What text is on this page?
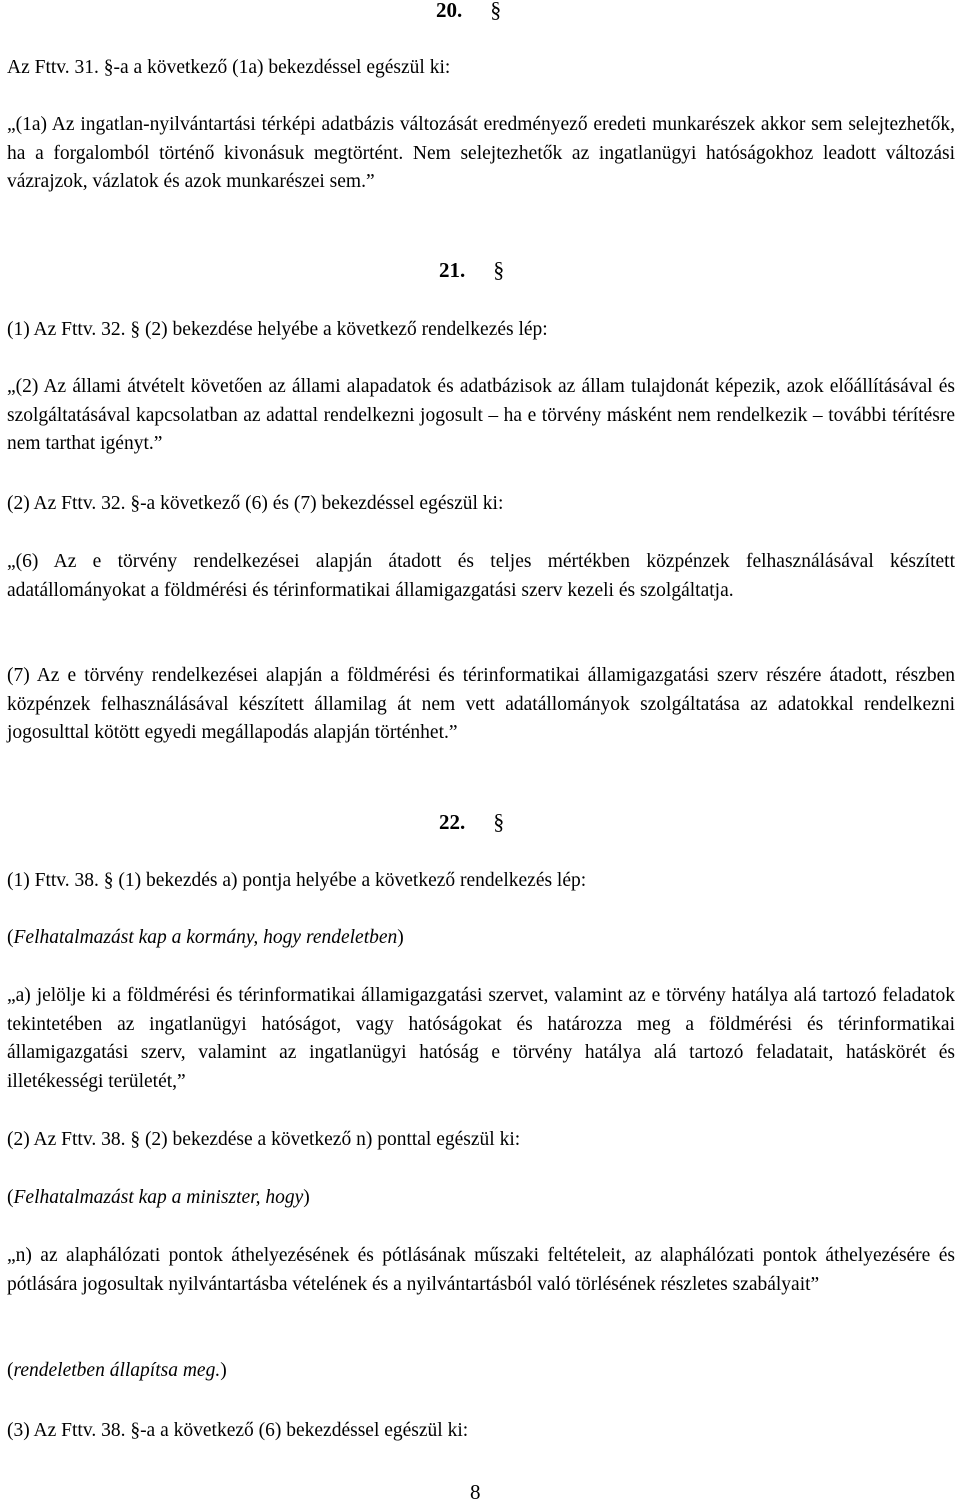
20. §

Az Fttv. 31. §-a a következő (1a) bekezdéssel egészül ki:

„(1a) Az ingatlan-nyilvántartási térképi adatbázis változását eredményező eredeti munkarészek akkor sem selejtezhetők, ha a forgalomból történő kivonásuk megtörtént. Nem selejtezhetők az ingatlanügyi hatóságokhoz leadott változási vázrajzok, vázlatok és azok munkarészei sem.”

21. §

(1) Az Fttv. 32. § (2) bekezdése helyébe a következő rendelkezés lép:

„(2) Az állami átvételt követően az állami alapadatok és adatbázisok az állam tulajdonát képezik, azok előállításával és szolgáltatásával kapcsolatban az adattal rendelkezni jogosult – ha e törvény másként nem rendelkezik – további térítésre nem tarthat igényt.”

(2) Az Fttv. 32. §-a következő (6) és (7) bekezdéssel egészül ki:

„(6) Az e törvény rendelkezései alapján átadott és teljes mértékben közpénzek felhasználásával készített adatállományokat a földmérési és térinformatikai államigazgatási szerv kezeli és szolgáltatja.

(7) Az e törvény rendelkezései alapján a földmérési és térinformatikai államigazgatási szerv részére átadott, részben közpénzek felhasználásával készített államilag át nem vett adatállományok szolgáltatása az adatokkal rendelkezni jogosulttal kötött egyedi megállapodás alapján történhet.”

22. §

(1) Fttv. 38. § (1) bekezdés a) pontja helyébe a következő rendelkezés lép:

(Felhatalmazást kap a kormány, hogy rendeletben)

„a) jelölje ki a földmérési és térinformatikai államigazgatási szervet, valamint az e törvény hatálya alá tartozó feladatok tekintetében az ingatlanügyi hatóságot, vagy hatóságokat és határozza meg a földmérési és térinformatikai államigazgatási szerv, valamint az ingatlanügyi hatóság e törvény hatálya alá tartozó feladatait, hatáskörét és illetékességi területét,”

(2) Az Fttv. 38. § (2) bekezdése a következő n) ponttal egészül ki:

(Felhatalmazást kap a miniszter, hogy)

„n) az alaphálózati pontok áthelyezésének és pótlásának műszaki feltételeit, az alaphálózati pontok áthelyezésére és pótlására jogosultak nyilvántartásba vételének és a nyilvántartásból való törlésének részletes szabályait”

(rendeletben állapítsa meg.)

(3) Az Fttv. 38. §-a a következő (6) bekezdéssel egészül ki:

8
